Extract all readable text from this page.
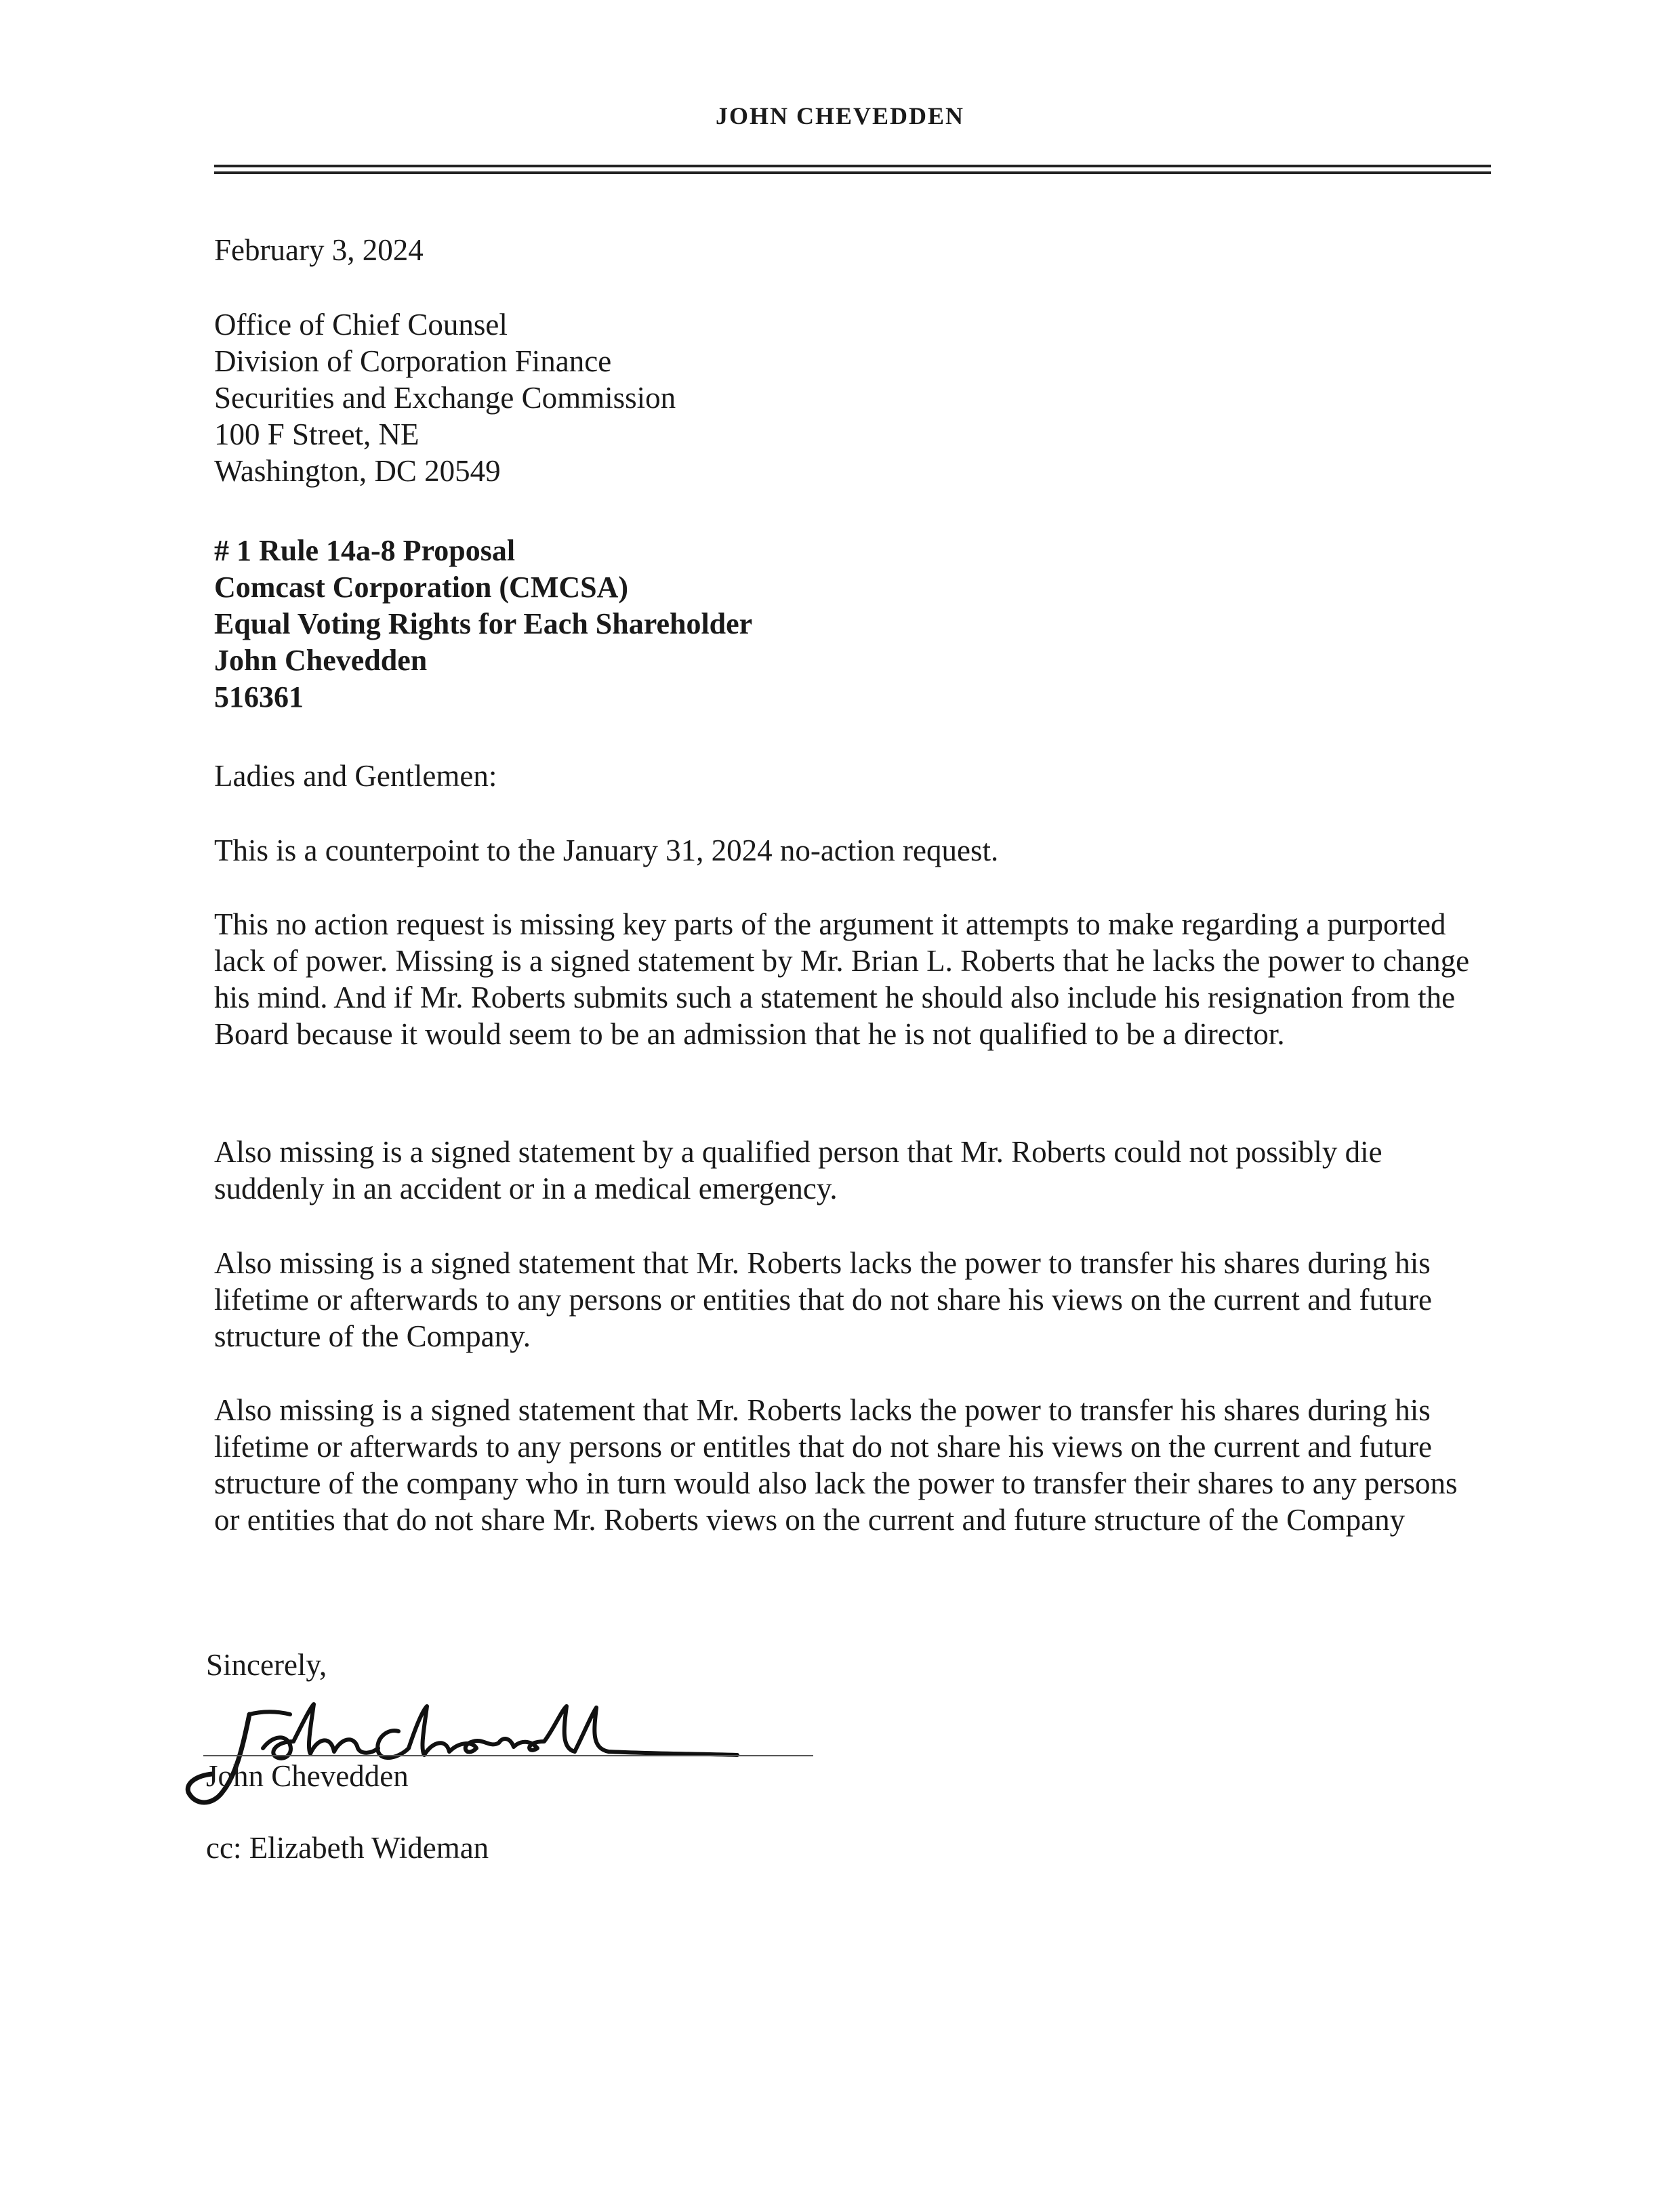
JOHN CHEVEDDEN
February 3, 2024
Office of Chief Counsel
Division of Corporation Finance
Securities and Exchange Commission
100 F Street, NE
Washington, DC 20549
# 1 Rule 14a-8 Proposal
Comcast Corporation (CMCSA)
Equal Voting Rights for Each Shareholder
John Chevedden
516361
Ladies and Gentlemen:
This is a counterpoint to the January 31, 2024 no-action request.
This no action request is missing key parts of the argument it attempts to make regarding a purported lack of power. Missing is a signed statement by Mr. Brian L. Roberts that he lacks the power to change his mind. And if Mr. Roberts submits such a statement he should also include his resignation from the Board because it would seem to be an admission that he is not qualified to be a director.
Also missing is a signed statement by a qualified person that Mr. Roberts could not possibly die suddenly in an accident or in a medical emergency.
Also missing is a signed statement that Mr. Roberts lacks the power to transfer his shares during his lifetime or afterwards to any persons or entities that do not share his views on the current and future structure of the Company.
Also missing is a signed statement that Mr. Roberts lacks the power to transfer his shares during his lifetime or afterwards to any persons or entitles that do not share his views on the current and future structure of the company who in turn would also lack the power to transfer their shares to any persons or entities that do not share Mr. Roberts views on the current and future structure of the Company
Sincerely,
John Chevedden
cc: Elizabeth Wideman
